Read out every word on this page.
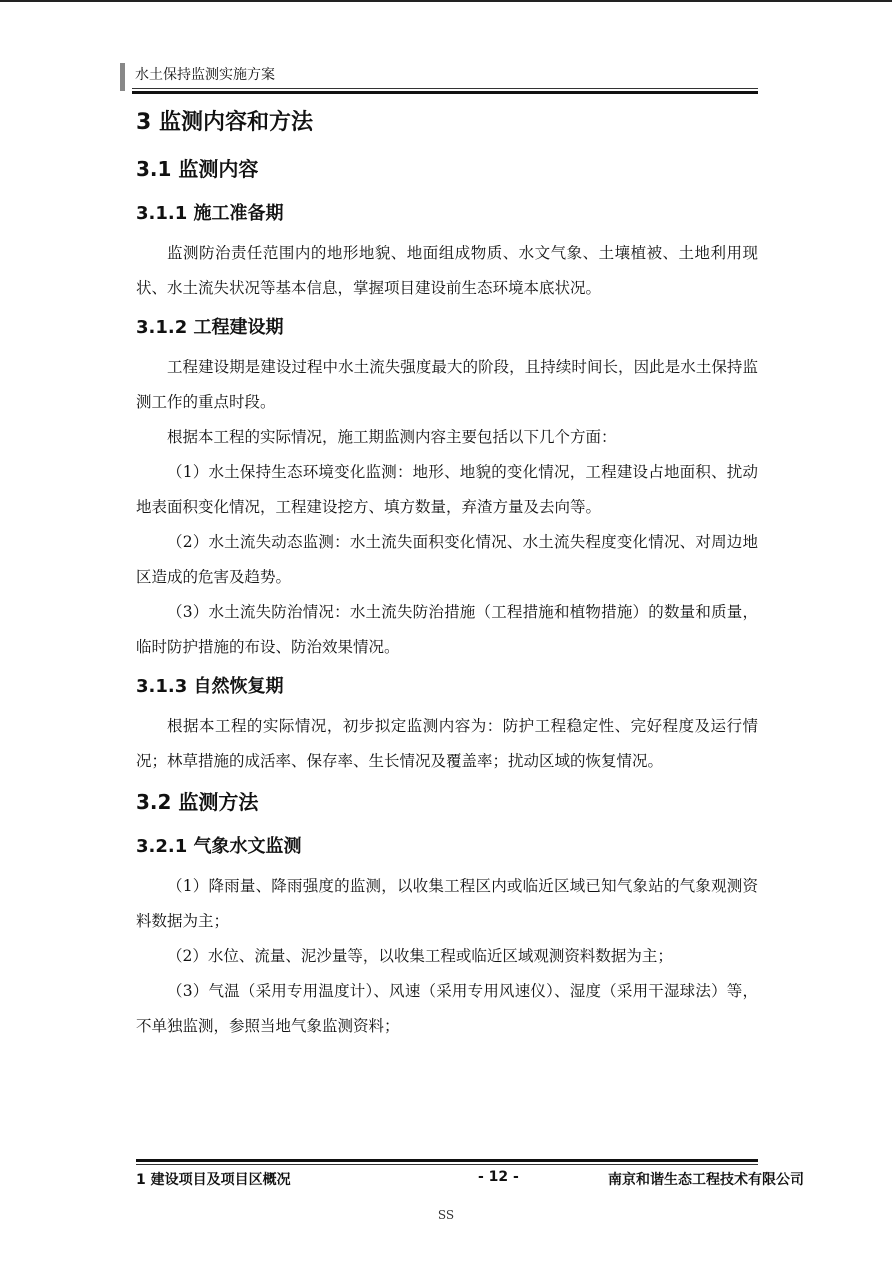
水土保持监测实施方案
3 监测内容和方法
3.1 监测内容
3.1.1 施工准备期

监测防治责任范围内的地形地貌、地面组成物质、水文气象、土壤植被、土地利用现状、水土流失状况等基本信息，掌握项目建设前生态环境本底状况。

3.1.2 工程建设期

工程建设期是建设过程中水土流失强度最大的阶段，且持续时间长，因此是水土保持监测工作的重点时段。

根据本工程的实际情况，施工期监测内容主要包括以下几个方面：

（1）水土保持生态环境变化监测：地形、地貌的变化情况，工程建设占地面积、扰动地表面积变化情况，工程建设挖方、填方数量，弃渣方量及去向等。

（2）水土流失动态监测：水土流失面积变化情况、水土流失程度变化情况、对周边地区造成的危害及趋势。

（3）水土流失防治情况：水土流失防治措施（工程措施和植物措施）的数量和质量，临时防护措施的布设、防治效果情况。

3.1.3 自然恢复期

根据本工程的实际情况，初步拟定监测内容为：防护工程稳定性、完好程度及运行情况；林草措施的成活率、保存率、生长情况及覆盖率；扰动区域的恢复情况。

3.2 监测方法
3.2.1 气象水文监测

（1）降雨量、降雨强度的监测，以收集工程区内或临近区域已知气象站的气象观测资料数据为主；

（2）水位、流量、泥沙量等，以收集工程或临近区域观测资料数据为主；

（3）气温（采用专用温度计）、风速（采用专用风速仪）、湿度（采用干湿球法）等，不单独监测，参照当地气象监测资料；

1 建设项目及项目区概况	- 12 -	南京和谐生态工程技术有限公司
SS
